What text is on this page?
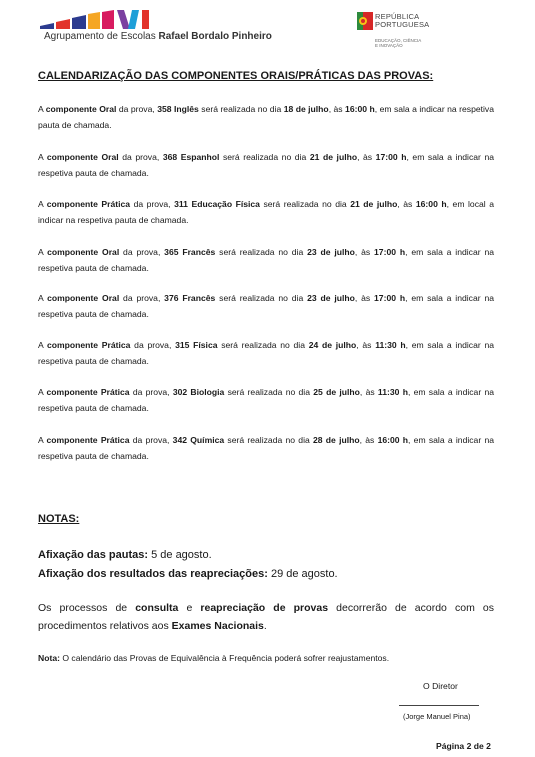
Agrupamento de Escolas Rafael Bordalo Pinheiro
REPÚBLICA
PORTUGUESA
EDUCAÇÃO, CIÊNCIA
E INOVAÇÃO
CALENDARIZAÇÃO DAS COMPONENTES ORAIS/PRÁTICAS DAS PROVAS:
A componente Oral da prova, 358 Inglês será realizada no dia 18 de julho, às 16:00 h, em sala a indicar na respetiva pauta de chamada.
A componente Oral da prova, 368 Espanhol será realizada no dia 21 de julho, às 17:00 h, em sala a indicar na respetiva pauta de chamada.
A componente Prática da prova, 311 Educação Física será realizada no dia 21 de julho, às 16:00 h, em local a indicar na respetiva pauta de chamada.
A componente Oral da prova, 365 Francês será realizada no dia 23 de julho, às 17:00 h, em sala a indicar na respetiva pauta de chamada.
A componente Oral da prova, 376 Francês será realizada no dia 23 de julho, às 17:00 h, em sala a indicar na respetiva pauta de chamada.
A componente Prática da prova, 315 Física será realizada no dia 24 de julho, às 11:30 h, em sala a indicar na respetiva pauta de chamada.
A componente Prática da prova, 302 Biologia será realizada no dia 25 de julho, às 11:30 h, em sala a indicar na respetiva pauta de chamada.
A componente Prática da prova, 342 Química será realizada no dia 28 de julho, às 16:00 h, em sala a indicar na respetiva pauta de chamada.
NOTAS:
Afixação das pautas: 5 de agosto.
Afixação dos resultados das reapreciações: 29 de agosto.
Os processos de consulta e reapreciação de provas decorrerão de acordo com os procedimentos relativos aos Exames Nacionais.
Nota: O calendário das Provas de Equivalência à Frequência poderá sofrer reajustamentos.
O Diretor
(Jorge Manuel Pina)
Página 2 de 2
